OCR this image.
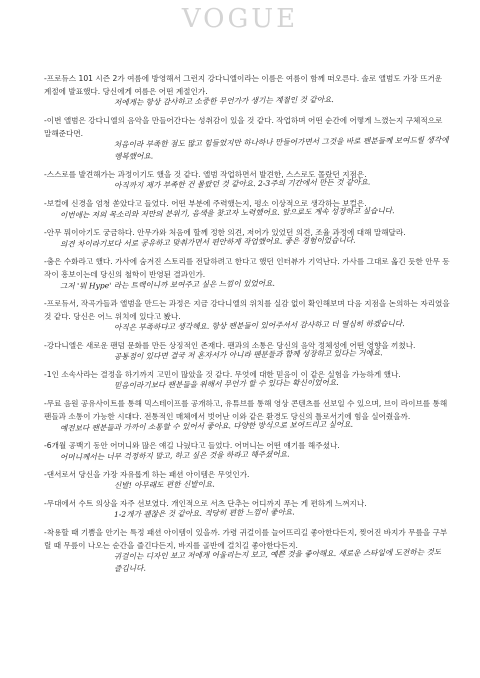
VOGUE

-프로듀스 101 시즌 2가 여름에 방영해서 그런지 강다니엘이라는 이름은 여름이 함께 떠오른다. 솔로 앨범도 가장 뜨거운 계절에 발표했다. 당신에게 여름은 어떤 계절인가.

저에게는 항상 감사하고 소중한 무언가가 생기는 계절인 것 같아요.

-이번 앨범은 강다니엘의 음악을 만들어간다는 성취감이 있을 것 같다. 작업하며 어떤 순간에 어떻게 느꼈는지 구체적으로 말해준다면.

처음이라 부족한 점도 많고 힘들었지만 하나하나 만들어가면서 그것을 바로 팬분들께 보여드릴 생각에 행복했어요.

-스스로를 발견해가는 과정이기도 했을 것 같다. 앨범 작업하면서 발견한, 스스로도 몰랐던 지점은.

아직까지 제가 부족한 건 몰랐던 것 같아요. 2-3주의 기간에서 만든 것 같아요.

-보컬에 신경을 엄청 쏟았다고 들었다. 어떤 부분에 주력했는지, 평소 이상적으로 생각하는 보컬은.

이번에는 저의 목소리와 저만의 분위기, 음색을 찾고자 노력했어요. 앞으로도 계속 성장하고 싶습니다.

-안무 뭐이아기도 궁금하다. 안무가와 처음에 할께 정한 의견, 저어가 있었던 의견, 조율 과정에 대해 말해달라.

의견 차이라기보다 서로 공유하고 맞춰가면서 편안하게 작업했어요. 좋은 경험이었습니다.

-춤은 수화라고 했다. 가사에 숨겨진 스토리를 전달하려고 한다고 했던 인터뷰가 기억난다. 가사를 그대로 옮긴 듯한 안무 동작이 흥보이는데 당신의 철학이 반영된 결과인가.

그저 '뭐 Hype' 라는 트랙이니까 보여주고 싶은 느낌이 있었어요.

-프로듀서, 작곡가들과 앨범을 만드는 과정은 지금 강다니엘의 위치를 실감 없이 확인해보며 다음 지점을 논의하는 자리였을 것 같다. 당신은 어느 위치에 있다고 봤나.

아직은 부족하다고 생각해요. 항상 팬분들이 있어주셔서 감사하고 더 열심히 하겠습니다.

-강다니엘은 새로운 팬덤 문화를 만든 상징적인 존재다. 팬과의 소통은 당신의 음악 정체성에 어떤 영향을 끼쳤나.

공통점이 있다면 결국 저 혼자서가 아니라 팬분들과 함께 성장하고 있다는 거예요.

-1인 소속사라는 결정을 하기까지 고민이 많았을 것 같다. 무엇에 대한 믿음이 이 같은 실험을 가능하게 했나.

믿음이라기보다 팬분들을 위해서 무언가 할 수 있다는 확신이었어요.

-무료 음원 공유사이트를 통해 믹스테이프를 공개하고, 유튜브를 통해 영상 콘텐츠를 선보일 수 있으며, 브이 라이브를 통해 팬들과 소통이 가능한 시대다. 전통적인 매체에서 벗어난 이와 같은 환경도 당신의 틀로서기에 힘을 실어줬을까.

예전보다 팬분들과 가까이 소통할 수 있어서 좋아요. 다양한 방식으로 보여드리고 싶어요.

-6개월 공백기 동안 어머니와 많은 얘길 나눴다고 들었다. 어머니는 어떤 얘기를 해주셨나.

어머니께서는 너무 걱정하지 말고, 하고 싶은 것을 하라고 해주셨어요.

-댄서로서 당신을 가장 자유롭게 하는 패션 아이템은 무엇인가.

신발! 아무래도 편한 신발이요.

-무대에서 수트 의상을 자주 선보였다. 개인적으로 서츠 단추는 어디까지 푸는 게 편하게 느껴지나.

1-2개가 괜찮은 것 같아요. 적당히 편한 느낌이 좋아요.

-착용할 때 기쁨을 안기는 특정 패션 아이템이 있을까. 가령 귀걸이를 늘어뜨리길 좋아한다든지, 찢어진 바지가 무릎을 구부릴 때 무릎이 나오는 순간을 즐긴다든지, 바지를 골반에 걸치길 좋아한다든지.

귀걸이는 디자인 보고 저에게 어울리는지 보고, 예쁜 것을 좋아해요. 새로운 스타일에 도전하는 것도 즐깁니다.
